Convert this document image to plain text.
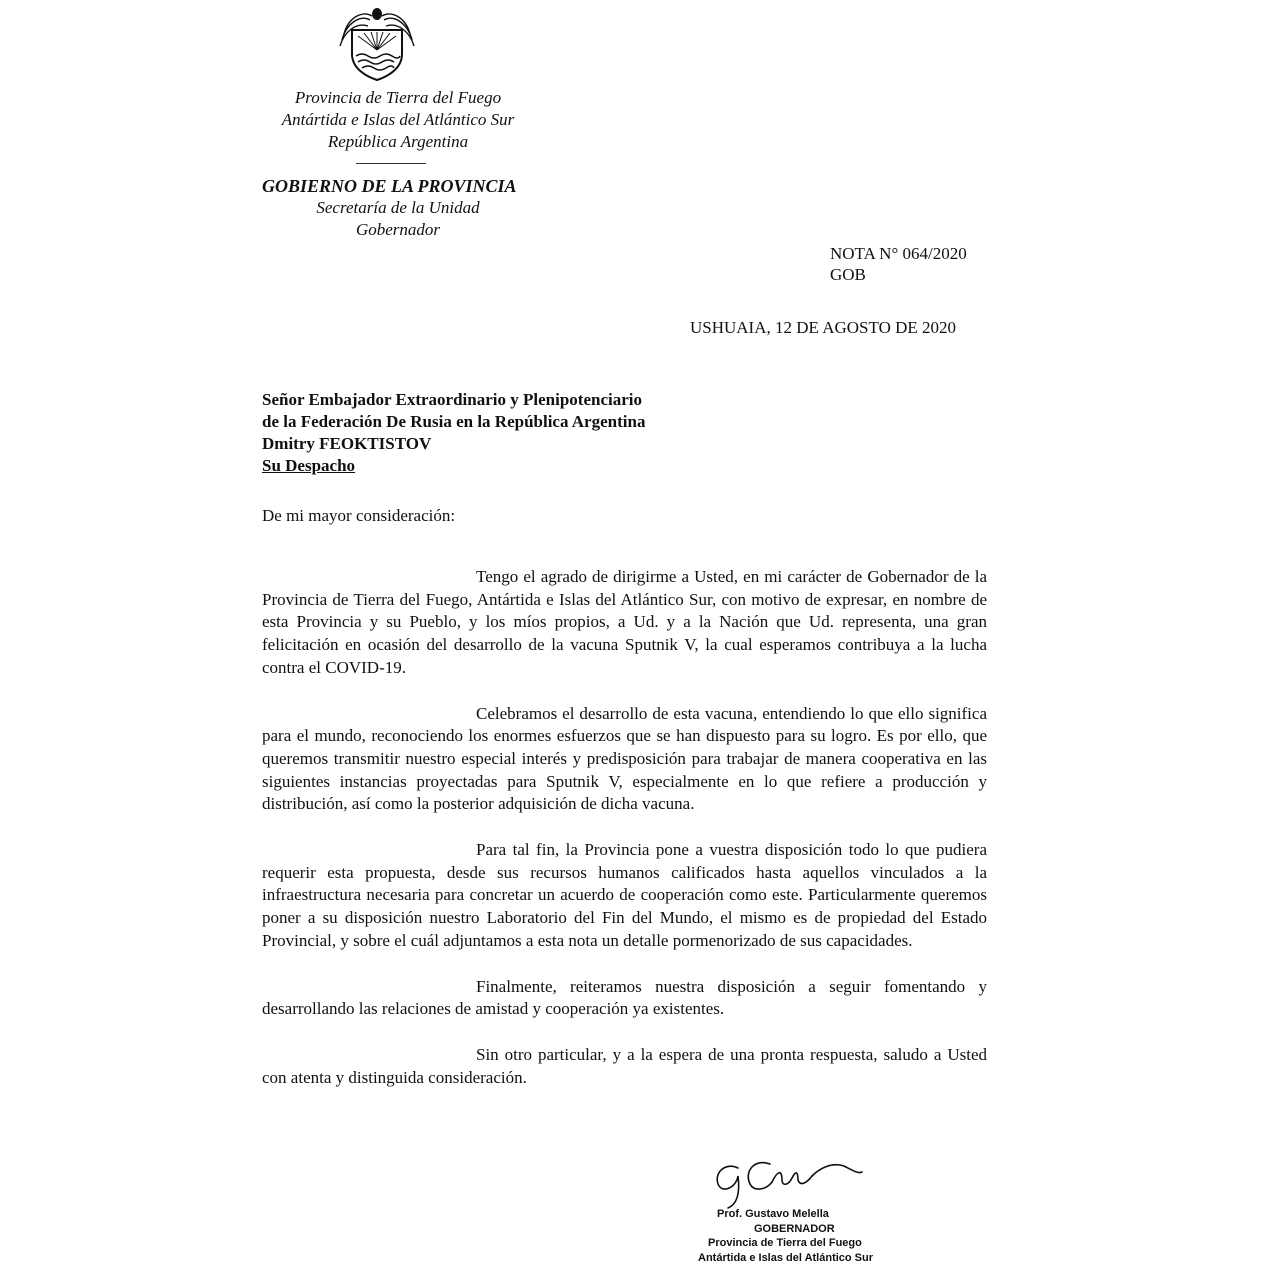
Provincia de Tierra del Fuego
Antártida e Islas del Atlántico Sur
República Argentina
GOBIERNO DE LA PROVINCIA
Secretaría de la Unidad
Gobernador
NOTA N° 064/2020
GOB
USHUAIA, 12 DE AGOSTO DE 2020
Señor Embajador Extraordinario y Plenipotenciario
de la Federación De Rusia en la República Argentina
Dmitry FEOKTISTOV
Su Despacho
De mi mayor consideración:

Tengo el agrado de dirigirme a Usted, en mi carácter de Gobernador de la Provincia de Tierra del Fuego, Antártida e Islas del Atlántico Sur, con motivo de expresar, en nombre de esta Provincia y su Pueblo, y los míos propios, a Ud. y a la Nación que Ud. representa, una gran felicitación en ocasión del desarrollo de la vacuna Sputnik V, la cual esperamos contribuya a la lucha contra el COVID-19.

Celebramos el desarrollo de esta vacuna, entendiendo lo que ello significa para el mundo, reconociendo los enormes esfuerzos que se han dispuesto para su logro. Es por ello, que queremos transmitir nuestro especial interés y predisposición para trabajar de manera cooperativa en las siguientes instancias proyectadas para Sputnik V, especialmente en lo que refiere a producción y distribución, así como la posterior adquisición de dicha vacuna.

Para tal fin, la Provincia pone a vuestra disposición todo lo que pudiera requerir esta propuesta, desde sus recursos humanos calificados hasta aquellos vinculados a la infraestructura necesaria para concretar un acuerdo de cooperación como este. Particularmente queremos poner a su disposición nuestro Laboratorio del Fin del Mundo, el mismo es de propiedad del Estado Provincial, y sobre el cuál adjuntamos a esta nota un detalle pormenorizado de sus capacidades.

Finalmente, reiteramos nuestra disposición a seguir fomentando y desarrollando las relaciones de amistad y cooperación ya existentes.

Sin otro particular, y a la espera de una pronta respuesta, saludo a Usted con atenta y distinguida consideración.

Prof. Gustavo Melella
GOBERNADOR
Provincia de Tierra del Fuego
Antártida e Islas del Atlántico Sur
